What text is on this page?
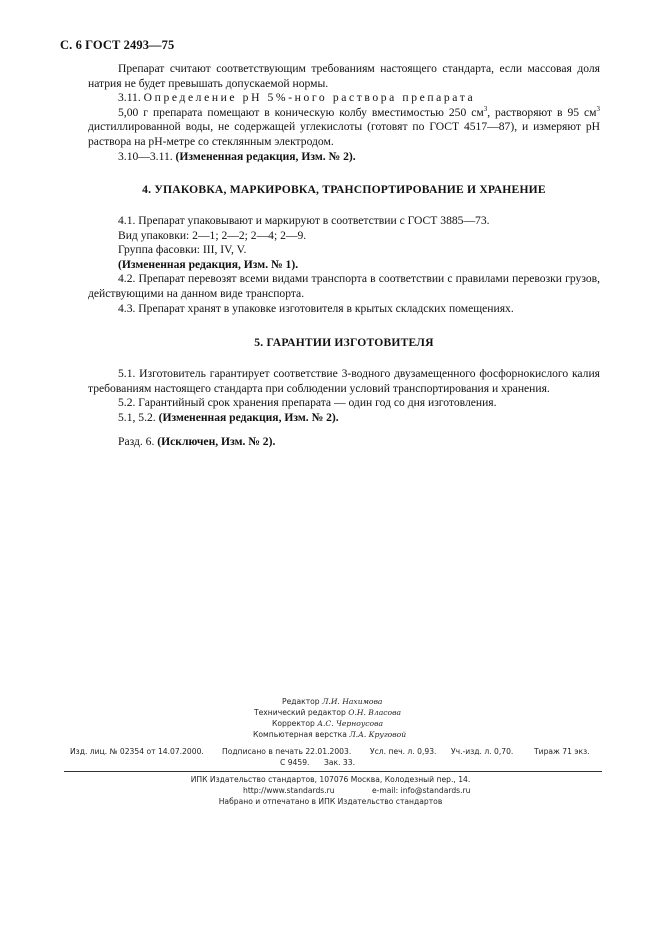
С. 6 ГОСТ 2493—75

Препарат считают соответствующим требованиям настоящего стандарта, если массовая доля натрия не будет превышать допускаемой нормы.

3.11. Определение рН 5%-ного раствора препарата

5,00 г препарата помещают в коническую колбу вместимостью 250 $см^3$, растворяют в 95 $см^3$ дистиллированной воды, не содержащей углекислоты (готовят по ГОСТ 4517—87), и измеряют рН раствора на рН-метре со стеклянным электродом.

3.10—3.11. (Измененная редакция, Изм. № 2).

4. УПАКОВКА, МАРКИРОВКА, ТРАНСПОРТИРОВАНИЕ И ХРАНЕНИЕ

4.1. Препарат упаковывают и маркируют в соответствии с ГОСТ 3885—73.

Вид упаковки: 2—1; 2—2; 2—4; 2—9.

Группа фасовки: III, IV, V.

(Измененная редакция, Изм. № 1).

4.2. Препарат перевозят всеми видами транспорта в соответствии с правилами перевозки грузов, действующими на данном виде транспорта.

4.3. Препарат хранят в упаковке изготовителя в крытых складских помещениях.

5. ГАРАНТИИ ИЗГОТОВИТЕЛЯ

5.1. Изготовитель гарантирует соответствие 3-водного двузамещенного фосфорнокислого калия требованиям настоящего стандарта при соблюдении условий транспортирования и хранения.

5.2. Гарантийный срок хранения препарата — один год со дня изготовления.

5.1, 5.2. (Измененная редакция, Изм. № 2).

Разд. 6. (Исключен, Изм. № 2).

Редактор Л.И. Нахимова
Технический редактор О.Н. Власова
Корректор А.С. Черноусова
Компьютерная верстка Л.А. Круговой
Изд. лиц. № 02354 от 14.07.2000. Подписано в печать 22.01.2003. Усл. печ. л. 0,93. Уч.-изд. л. 0,70.	Тираж 71 экз.
С 9459. Зак. 33.
ИПК Издательство стандартов, 107076 Москва, Колодезный пер., 14.
http://www.standards.ru	e-mail: info@standards.ru
Набрано и отпечатано в ИПК Издательство стандартов
